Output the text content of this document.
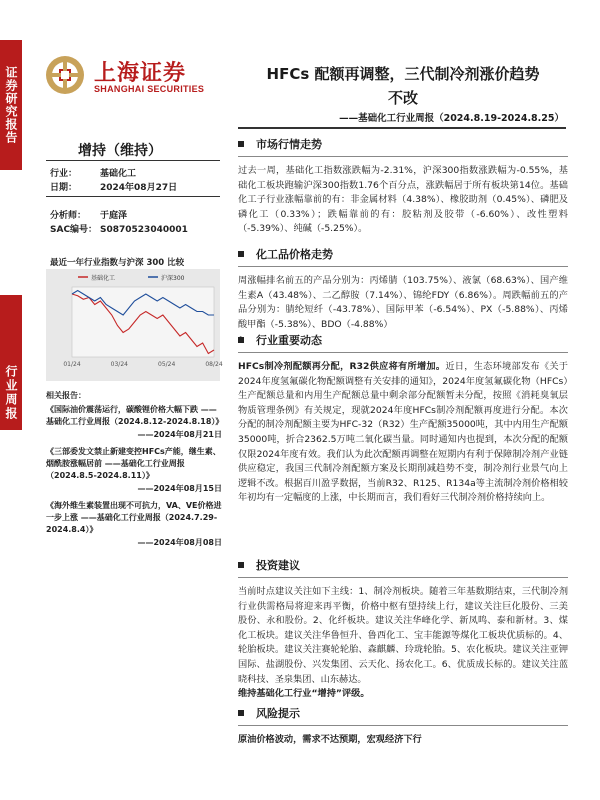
证券研究报告
行业周报
上海证券
SHANGHAI SECURITIES
HFCs 配额再调整，三代制冷剂涨价趋势
不改
——基础化工行业周报（2024.8.19-2024.8.25）
增持（维持）
行业：	基础化工
日期：	2024年08月27日
分析师： 于庭泽
SAC编号： S0870523040001
最近一年行业指数与沪深 300 比较
基础化工	沪深300
01/24	03/24	05/24	08/24
相关报告：
《国际油价震荡运行，碳酸锂价格大幅下跌 ——基础化工行业周报（2024.8.12-2024.8.18）》
——2024年08月21日
《三部委发文禁止新建变控HFCs产能，继生素、烟酰胺涨幅居前 ——基础化工行业周报（2024.8.5-2024.8.11）》
——2024年08月15日
《海外维生素装置出现不可抗力，VA、VE价格进一步上涨 ——基础化工行业周报（2024.7.29-2024.8.4）》
——2024年08月08日
市场行情走势
过去一周，基础化工指数涨跌幅为-2.31%，沪深300指数涨跌幅为-0.55%，基础化工板块跑输沪深300指数1.76个百分点，涨跌幅居于所有板块第14位。基础化工子行业涨幅靠前的有：非金属材料（4.38%）、橡胶助剂（0.45%）、磷肥及磷化工（0.33%）；跌幅靠前的有：胶粘剂及胶带（-6.60%）、改性塑料（-5.39%）、纯碱（-5.25%）。
化工品价格走势
周涨幅排名前五的产品分别为：丙烯腈（103.75%）、液氯（68.63%）、国产维生素A（43.48%）、二乙醇胺（7.14%）、锦纶FDY（6.86%）。周跌幅前五的产品分别为：腈纶短纤（-43.78%）、国际甲苯（-6.54%）、PX（-5.88%）、丙烯酸甲酯（-5.38%）、BDO（-4.88%）
行业重要动态
HFCs制冷剂配额再分配，R32供应将有所增加。近日，生态环境部发布《关于2024年度氢氟碳化物配额调整有关安排的通知》，2024年度氢氟碳化物（HFCs）生产配额总量和内用生产配额总量中剩余部分配额暂未分配，按照《消耗臭氧层物质管理条例》有关规定，现就2024年度HFCs制冷剂配额再度进行分配。本次分配的制冷剂配额主要为HFC-32（R32）生产配额35000吨，其中内用生产配额35000吨，折合2362.5万吨二氧化碳当量。同时通知内也提到，本次分配的配额仅限2024年度有效。我们认为此次配额再调整在短期内有利于保障制冷剂产业链供应稳定，我国三代制冷剂配额方案及长期削减趋势不变，制冷剂行业景气向上逻辑不改。根据百川盈孚数据，当前R32、R125、R134a等主流制冷剂价格相较年初均有一定幅度的上涨，中长期而言，我们看好三代制冷剂价格持续向上。
投资建议
当前时点建议关注如下主线：1、制冷剂板块。随着三年基数期结束，三代制冷剂行业供需格局将迎来再平衡，价格中枢有望持续上行，建议关注巨化股份、三美股份、永和股份。2、化纤板块。建议关注华峰化学、新凤鸣、泰和新材。3、煤化工板块。建议关注华鲁恒升、鲁西化工、宝丰能源等煤化工板块优质标的。4、轮胎板块。建议关注赛轮轮胎、森麒麟、玲珑轮胎。5、农化板块。建议关注亚钾国际、盐湖股份、兴发集团、云天化、扬农化工。6、优质成长标的。建议关注蓝晓科技、圣泉集团、山东赫达。
维持基础化工行业“增持”评级。
风险提示
原油价格波动，需求不达预期，宏观经济下行
